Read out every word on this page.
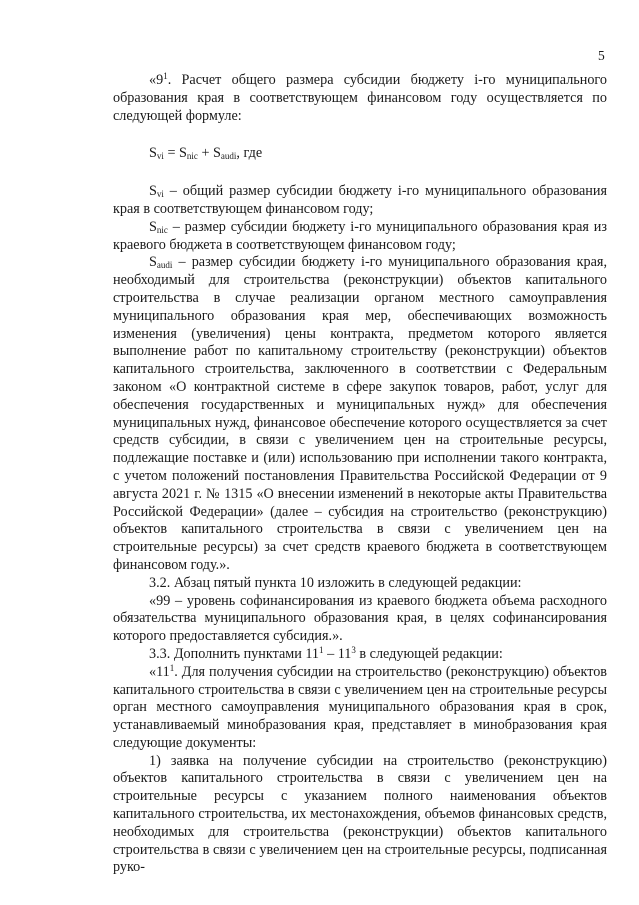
5

«$9^1$. Расчет общего размера субсидии бюджету i-го муниципального образования края в соответствующем финансовом году осуществляется по следующей формуле:

$S_{vi} = S_{nic} + S_{audi}$, где

$S_{vi}$ – общий размер субсидии бюджету i-го муниципального образования края в соответствующем финансовом году;

$S_{nic}$ – размер субсидии бюджету i-го муниципального образования края из краевого бюджета в соответствующем финансовом году;

$S_{audi}$ – размер субсидии бюджету i-го муниципального образования края, необходимый для строительства (реконструкции) объектов капитального строительства в случае реализации органом местного самоуправления муниципального образования края мер, обеспечивающих возможность изменения (увеличения) цены контракта, предметом которого является выполнение работ по капитальному строительству (реконструкции) объектов капитального строительства, заключенного в соответствии с Федеральным законом «О контрактной системе в сфере закупок товаров, работ, услуг для обеспечения государственных и муниципальных нужд» для обеспечения муниципальных нужд, финансовое обеспечение которого осуществляется за счет средств субсидии, в связи с увеличением цен на строительные ресурсы, подлежащие поставке и (или) использованию при исполнении такого контракта, с учетом положений постановления Правительства Российской Федерации от 9 августа 2021 г. № 1315 «О внесении изменений в некоторые акты Правительства Российской Федерации» (далее – субсидия на строительство (реконструкцию) объектов капитального строительства в связи с увеличением цен на строительные ресурсы) за счет средств краевого бюджета в соответствующем финансовом году.».

3.2. Абзац пятый пункта 10 изложить в следующей редакции:

«99 – уровень софинансирования из краевого бюджета объема расходного обязательства муниципального образования края, в целях софинансирования которого предоставляется субсидия.».

3.3. Дополнить пунктами $11^1 - 11^3$ в следующей редакции:

«$11^1$. Для получения субсидии на строительство (реконструкцию) объектов капитального строительства в связи с увеличением цен на строительные ресурсы орган местного самоуправления муниципального образования края в срок, устанавливаемый минобразования края, представляет в минобразования края следующие документы:

1) заявка на получение субсидии на строительство (реконструкцию) объектов капитального строительства в связи с увеличением цен на строительные ресурсы с указанием полного наименования объектов капитального строительства, их местонахождения, объемов финансовых средств, необходимых для строительства (реконструкции) объектов капитального строительства в связи с увеличением цен на строительные ресурсы, подписанная руко-
